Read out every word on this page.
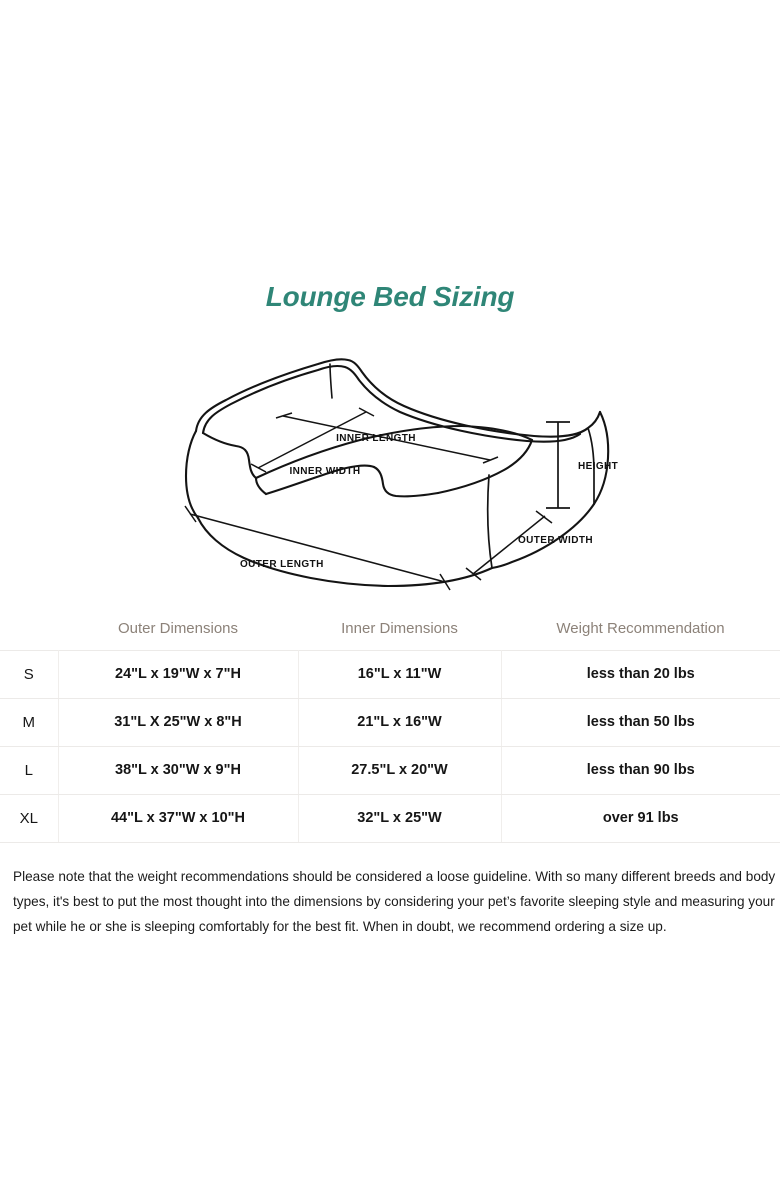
Lounge Bed Sizing
INNER LENGTH
INNER WIDTH	HEIGHT
OUTER WIDTH
OUTER LENGTH
	Outer Dimensions	Inner Dimensions	Weight Recommendation
S	24"L x 19"W x 7"H	16"L x 11"W	less than 20 lbs
M	31"L X 25"W x 8"H	21"L x 16"W	less than 50 lbs
L	38"L x 30"W x 9"H	27.5"L x 20"W	less than 90 lbs
XL	44"L x 37"W x 10"H	32"L x 25"W	over 91 lbs

Please note that the weight recommendations should be considered a loose guideline. With so many different breeds and body types, it's best to put the most thought into the dimensions by considering your pet’s favorite sleeping style and measuring your pet while he or she is sleeping comfortably for the best fit. When in doubt, we recommend ordering a size up.
